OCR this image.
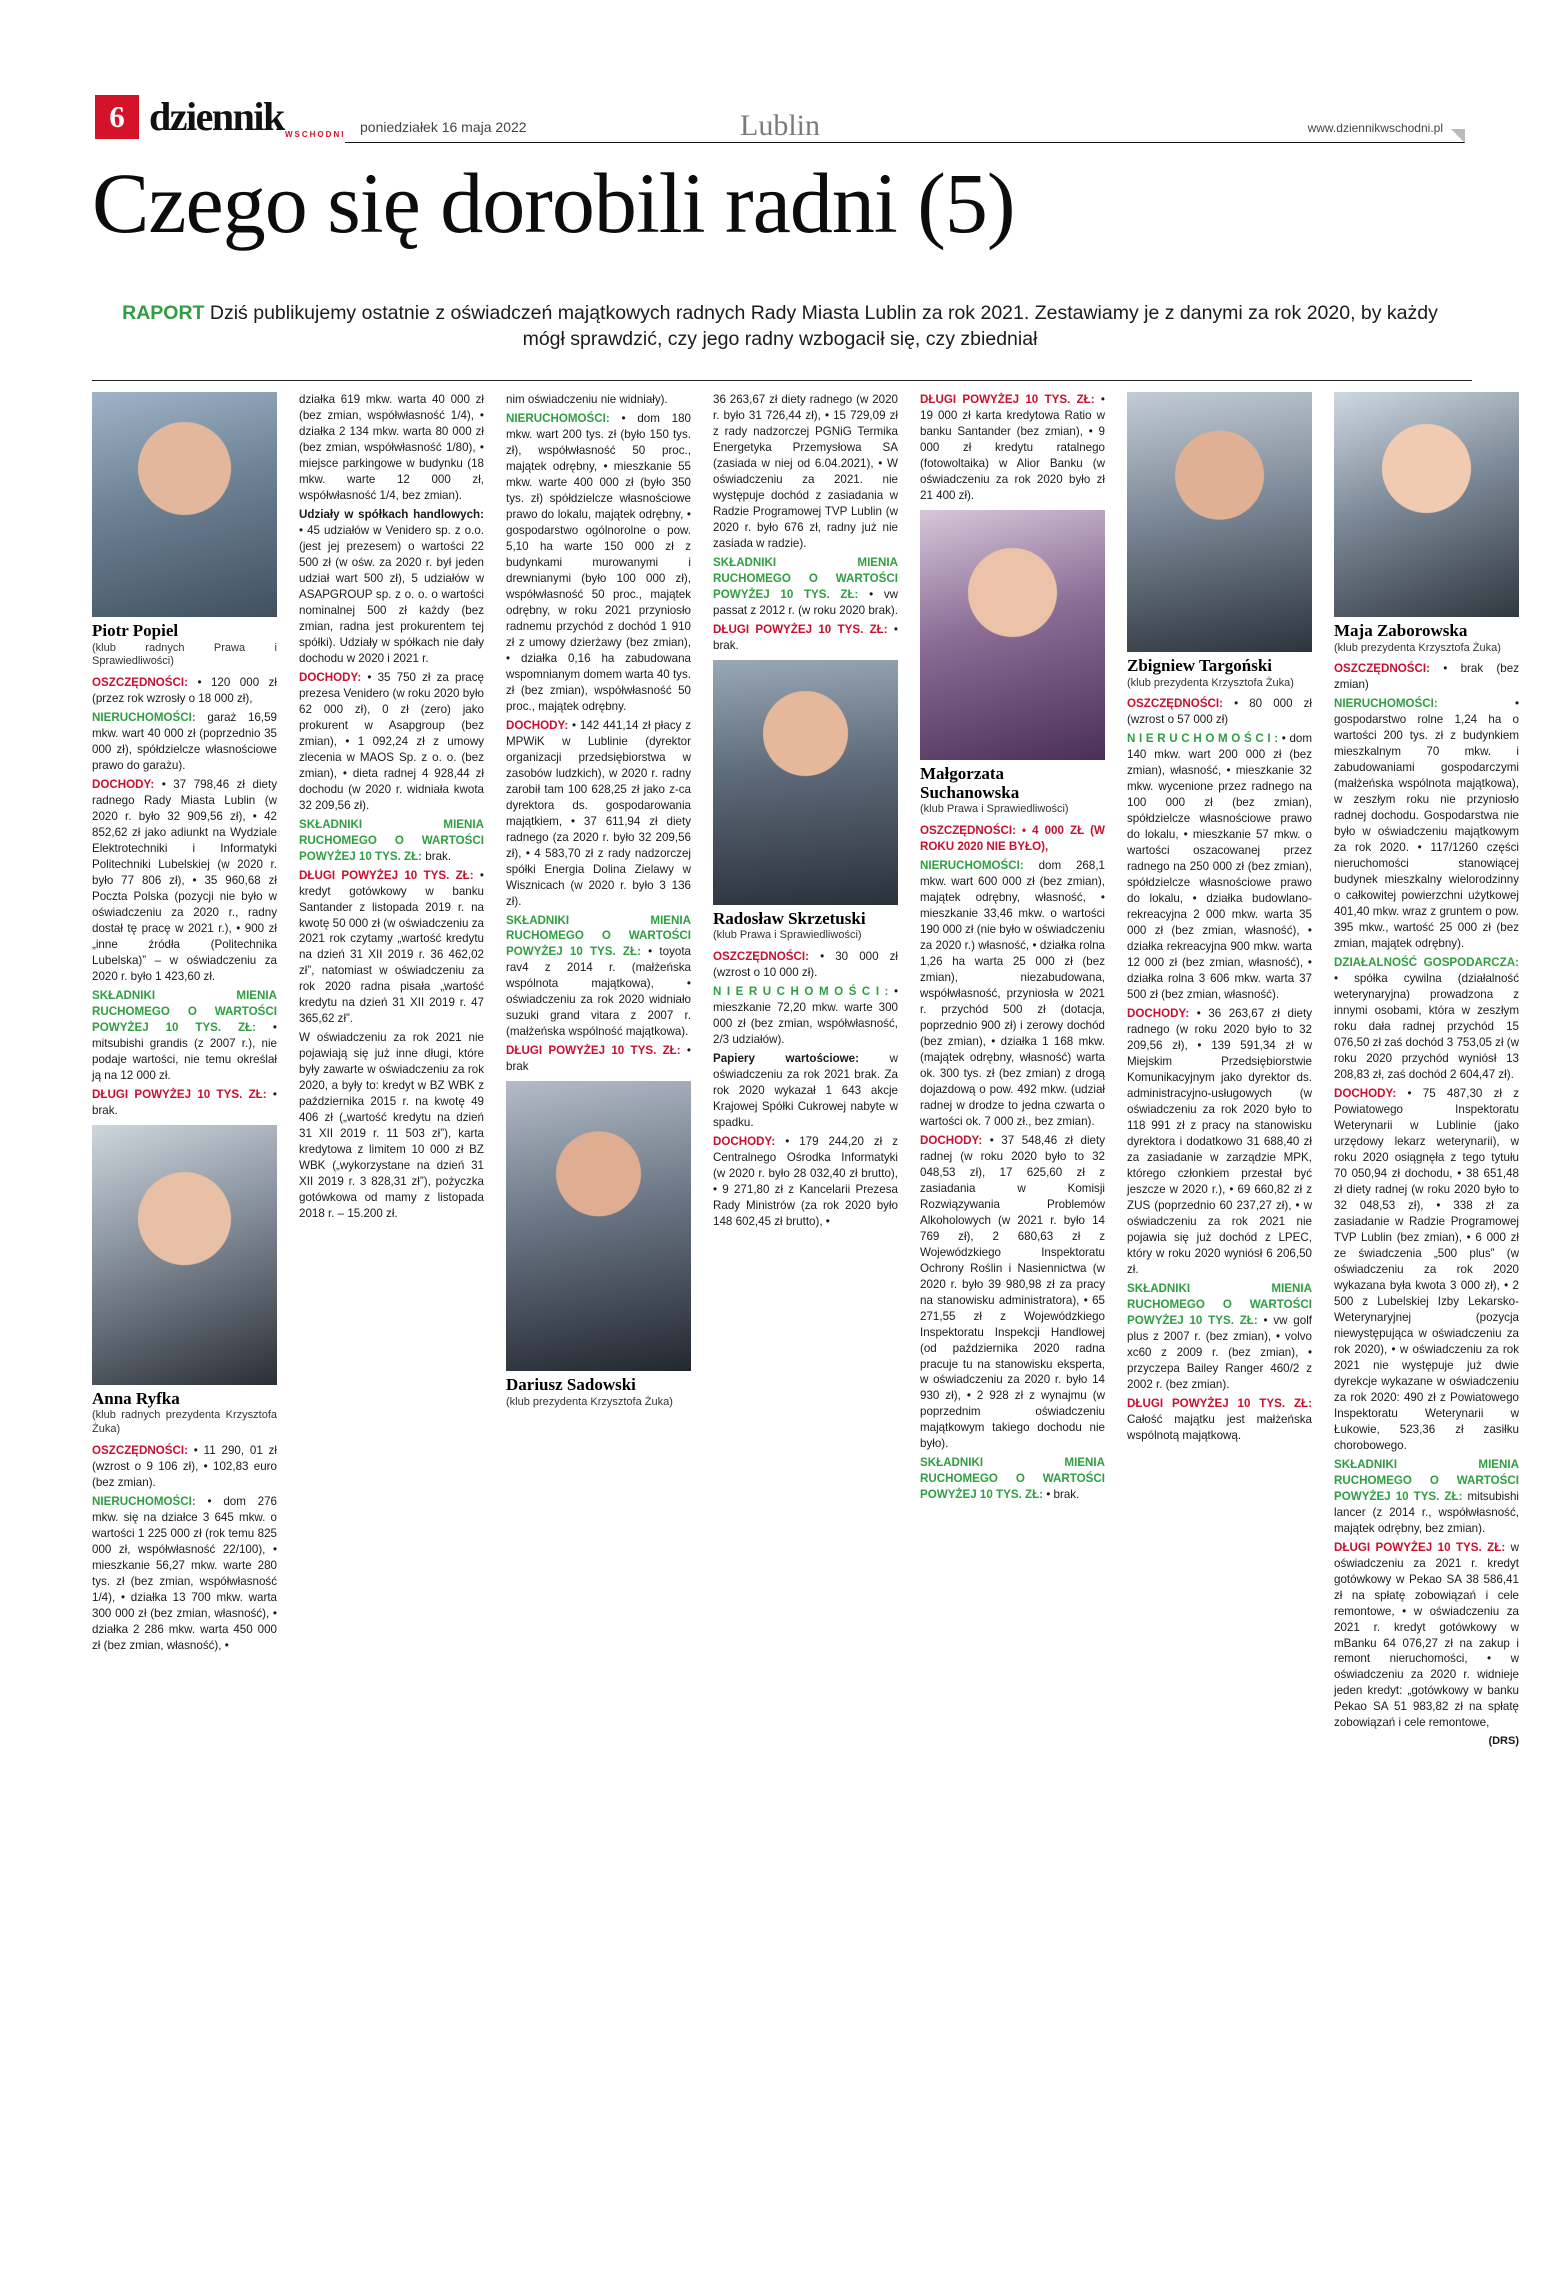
6 dziennik WSCHODNI poniedziałek 16 maja 2022	Lublin	www.dziennikwschodni.pl
Czego się dorobili radni (5)
RAPORT Dziś publikujemy ostatnie z oświadczeń majątkowych radnych Rady Miasta Lublin za rok 2021. Zestawiamy je z danymi za rok 2020, by każdy mógł sprawdzić, czy jego radny wzbogacił się, czy zbiedniał
Piotr Popiel
(klub radnych Prawa i Sprawiedliwości)

OSZCZĘDNOŚCI: • 120 000 zł (przez rok wzrosły o 18 000 zł),

NIERUCHOMOŚCI: garaż 16,59 mkw. wart 40 000 zł (poprzednio 35 000 zł), spółdzielcze własnościowe prawo do garażu).

DOCHODY: • 37 798,46 zł diety radnego Rady Miasta Lublin (w 2020 r. było 32 909,56 zł), • 42 852,62 zł jako adiunkt na Wydziale Elektrotechniki i Informatyki Politechniki Lubelskiej (w 2020 r. było 77 806 zł), • 35 960,68 zł Poczta Polska (pozycji nie było w oświadczeniu za 2020 r., radny dostał tę pracę w 2021 r.), • 900 zł „inne źródła (Politechnika Lubelska)” – w oświadczeniu za 2020 r. było 1 423,60 zł.

SKŁADNIKI MIENIA RUCHOMEGO O WARTOŚCI POWYŻEJ 10 TYS. ZŁ: • mitsubishi grandis (z 2007 r.), nie podaje wartości, nie temu określał ją na 12 000 zł.

DŁUGI POWYŻEJ 10 TYS. ZŁ: • brak.

Anna Ryfka
(klub radnych prezydenta Krzysztofa Żuka)

OSZCZĘDNOŚCI: • 11 290, 01 zł (wzrost o 9 106 zł), • 102,83 euro (bez zmian).

NIERUCHOMOŚCI: • dom 276 mkw. się na działce 3 645 mkw. o wartości 1 225 000 zł (rok temu 825 000 zł, współwłasność 22/100), • mieszkanie 56,27 mkw. warte 280 tys. zł (bez zmian, współwłasność 1/4), • działka 13 700 mkw. warta 300 000 zł (bez zmian, własność), • działka 2 286 mkw. warta 450 000 zł (bez zmian, własność), •

działka 619 mkw. warta 40 000 zł (bez zmian, współwłasność 1/4), • działka 2 134 mkw. warta 80 000 zł (bez zmian, współwłasność 1/80), • miejsce parkingowe w budynku (18 mkw. warte 12 000 zł, współwłasność 1/4, bez zmian).

Udziały w spółkach handlowych: • 45 udziałów w Venidero sp. z o.o. (jest jej prezesem) o wartości 22 500 zł (w ośw. za 2020 r. był jeden udział wart 500 zł), 5 udziałów w ASAPGROUP sp. z o. o. o wartości nominalnej 500 zł każdy (bez zmian, radna jest prokurentem tej spółki). Udziały w spółkach nie dały dochodu w 2020 i 2021 r.

DOCHODY: • 35 750 zł za pracę prezesa Venidero (w roku 2020 było 62 000 zł), 0 zł (zero) jako prokurent w Asapgroup (bez zmian), • 1 092,24 zł z umowy zlecenia w MAOS Sp. z o. o. (bez zmian), • dieta radnej 4 928,44 zł dochodu (w 2020 r. widniała kwota 32 209,56 zł).

SKŁADNIKI MIENIA RUCHOMEGO O WARTOŚCI POWYŻEJ 10 TYS. ZŁ: brak.

DŁUGI POWYŻEJ 10 TYS. ZŁ: • kredyt gotówkowy w banku Santander z listopada 2019 r. na kwotę 50 000 zł (w oświadczeniu za 2021 rok czytamy „wartość kredytu na dzień 31 XII 2019 r. 36 462,02 zł”, natomiast w oświadczeniu za rok 2020 radna pisała „wartość kredytu na dzień 31 XII 2019 r. 47 365,62 zł”.

W oświadczeniu za rok 2021 nie pojawiają się już inne długi, które były zawarte w oświadczeniu za rok 2020, a były to: kredyt w BZ WBK z października 2015 r. na kwotę 49 406 zł („wartość kredytu na dzień 31 XII 2019 r. 11 503 zł”), karta kredytowa z limitem 10 000 zł BZ WBK („wykorzystane na dzień 31 XII 2019 r. 3 828,31 zł”), pożyczka gotówkowa od mamy z listopada 2018 r. – 15.200 zł.

nim oświadczeniu nie widniały).

NIERUCHOMOŚCI: • dom 180 mkw. wart 200 tys. zł (było 150 tys. zł), współwłasność 50 proc., majątek odrębny, • mieszkanie 55 mkw. warte 400 000 zł (było 350 tys. zł) spółdzielcze własnościowe prawo do lokalu, majątek odrębny, • gospodarstwo ogólnorolne o pow. 5,10 ha warte 150 000 zł z budynkami murowanymi i drewnianymi (było 100 000 zł), współwłasność 50 proc., majątek odrębny, w roku 2021 przyniosło radnemu przychód z dochód 1 910 zł z umowy dzierżawy (bez zmian), • działka 0,16 ha zabudowana wspomnianym domem warta 40 tys. zł (bez zmian), współwłasność 50 proc., majątek odrębny.

DOCHODY: • 142 441,14 zł płacy z MPWiK w Lublinie (dyrektor organizacji przedsiębiorstwa w zasobów ludzkich), w 2020 r. radny zarobił tam 100 628,25 zł jako z-ca dyrektora ds. gospodarowania majątkiem, • 37 611,94 zł diety radnego (za 2020 r. było 32 209,56 zł), • 4 583,70 zł z rady nadzorczej spółki Energia Dolina Zielawy w Wisznicach (w 2020 r. było 3 136 zł).

SKŁADNIKI MIENIA RUCHOMEGO O WARTOŚCI POWYŻEJ 10 TYS. ZŁ: • toyota rav4 z 2014 r. (małżeńska wspólnota majątkowa), • oświadczeniu za rok 2020 widniało suzuki grand vitara z 2007 r. (małżeńska wspólność majątkowa).

DŁUGI POWYŻEJ 10 TYS. ZŁ: • brak

Dariusz Sadowski
(klub prezydenta Krzysztofa Żuka)

36 263,67 zł diety radnego (w 2020 r. było 31 726,44 zł), • 15 729,09 zł z rady nadzorczej PGNiG Termika Energetyka Przemysłowa SA (zasiada w niej od 6.04.2021), • W oświadczeniu za 2021. nie występuje dochód z zasiadania w Radzie Programowej TVP Lublin (w 2020 r. było 676 zł, radny już nie zasiada w radzie).

SKŁADNIKI MIENIA RUCHOMEGO O WARTOŚCI POWYŻEJ 10 TYS. ZŁ: • vw passat z 2012 r. (w roku 2020 brak).

DŁUGI POWYŻEJ 10 TYS. ZŁ: • brak.

Radosław Skrzetuski
(klub Prawa i Sprawiedliwości)

OSZCZĘDNOŚCI: • 30 000 zł (wzrost o 10 000 zł).

N I E R U C H O M O Ś C I : • mieszkanie 72,20 mkw. warte 300 000 zł (bez zmian, współwłasność, 2/3 udziałów).

Papiery wartościowe: w oświadczeniu za rok 2021 brak. Za rok 2020 wykazał 1 643 akcje Krajowej Spółki Cukrowej nabyte w spadku.

DOCHODY: • 179 244,20 zł z Centralnego Ośrodka Informatyki (w 2020 r. było 28 032,40 zł brutto), • 9 271,80 zł z Kancelarii Prezesa Rady Ministrów (za rok 2020 było 148 602,45 zł brutto), •

DŁUGI POWYŻEJ 10 TYS. ZŁ: • 19 000 zł karta kredytowa Ratio w banku Santander (bez zmian), • 9 000 zł kredytu ratalnego (fotowoltaika) w Alior Banku (w oświadczeniu za rok 2020 było zł 21 400 zł).

Małgorzata Suchanowska
(klub Prawa i Sprawiedliwości)

OSZCZĘDNOŚCI: • 4 000 ZŁ (W ROKU 2020 NIE BYŁO),

NIERUCHOMOŚCI: dom 268,1 mkw. wart 600 000 zł (bez zmian), majątek odrębny, własność, • mieszkanie 33,46 mkw. o wartości 190 000 zł (nie było w oświadczeniu za 2020 r.) własność, • działka rolna 1,26 ha warta 25 000 zł (bez zmian), niezabudowana, współwłasność, przyniosła w 2021 r. przychód 500 zł (dotacja, poprzednio 900 zł) i zerowy dochód (bez zmian), • działka 1 168 mkw. (majątek odrębny, własność) warta ok. 300 tys. zł (bez zmian) z drogą dojazdową o pow. 492 mkw. (udział radnej w drodze to jedna czwarta o wartości ok. 7 000 zł., bez zmian).

DOCHODY: • 37 548,46 zł diety radnej (w roku 2020 było to 32 048,53 zł), 17 625,60 zł z zasiadania w Komisji Rozwiązywania Problemów Alkoholowych (w 2021 r. było 14 769 zł), 2 680,63 zł z Wojewódzkiego Inspektoratu Ochrony Roślin i Nasiennictwa (w 2020 r. było 39 980,98 zł za pracy na stanowisku administratora), • 65 271,55 zł z Wojewódzkiego Inspektoratu Inspekcji Handlowej (od października 2020 radna pracuje tu na stanowisku eksperta, w oświadczeniu za 2020 r. było 14 930 zł), • 2 928 zł z wynajmu (w poprzednim oświadczeniu majątkowym takiego dochodu nie było).

SKŁADNIKI MIENIA RUCHOMEGO O WARTOŚCI POWYŻEJ 10 TYS. ZŁ: • brak.

Zbigniew Targoński
(klub prezydenta Krzysztofa Żuka)

OSZCZĘDNOŚCI: • 80 000 zł (wzrost o 57 000 zł)

N I E R U C H O M O Ś C I : • dom 140 mkw. wart 200 000 zł (bez zmian), własność, • mieszkanie 32 mkw. wycenione przez radnego na 100 000 zł (bez zmian), spółdzielcze własnościowe prawo do lokalu, • mieszkanie 57 mkw. o wartości oszacowanej przez radnego na 250 000 zł (bez zmian), spółdzielcze własnościowe prawo do lokalu, • działka budowlano-rekreacyjna 2 000 mkw. warta 35 000 zł (bez zmian, własność), • działka rekreacyjna 900 mkw. warta 12 000 zł (bez zmian, własność), • działka rolna 3 606 mkw. warta 37 500 zł (bez zmian, własność).

DOCHODY: • 36 263,67 zł diety radnego (w roku 2020 było to 32 209,56 zł), • 139 591,34 zł w Miejskim Przedsiębiorstwie Komunikacyjnym jako dyrektor ds. administracyjno-usługowych (w oświadczeniu za rok 2020 było to 118 991 zł z pracy na stanowisku dyrektora i dodatkowo 31 688,40 zł za zasiadanie w zarządzie MPK, którego członkiem przestał być jeszcze w 2020 r.), • 69 660,82 zł z ZUS (poprzednio 60 237,27 zł), • w oświadczeniu za rok 2021 nie pojawia się już dochód z LPEC, który w roku 2020 wyniósł 6 206,50 zł.

SKŁADNIKI MIENIA RUCHOMEGO O WARTOŚCI POWYŻEJ 10 TYS. ZŁ: • vw golf plus z 2007 r. (bez zmian), • volvo xc60 z 2009 r. (bez zmian), • przyczepa Bailey Ranger 460/2 z 2002 r. (bez zmian).

DŁUGI POWYŻEJ 10 TYS. ZŁ: Całość majątku jest małżeńska wspólnotą majątkową.

Maja Zaborowska
(klub prezydenta Krzysztofa Żuka)

OSZCZĘDNOŚCI: • brak (bez zmian)

NIERUCHOMOŚCI: • gospodarstwo rolne 1,24 ha o wartości 200 tys. zł z budynkiem mieszkalnym 70 mkw. i zabudowaniami gospodarczymi (małżeńska wspólnota majątkowa), w zeszłym roku nie przyniosło radnej dochodu. Gospodarstwa nie było w oświadczeniu majątkowym za rok 2020. • 117/1260 części nieruchomości stanowiącej budynek mieszkalny wielorodzinny o całkowitej powierzchni użytkowej 401,40 mkw. wraz z gruntem o pow. 395 mkw., wartość 25 000 zł (bez zmian, majątek odrębny).

DZIAŁALNOŚĆ GOSPODARCZA: • spółka cywilna (działalność weterynaryjna) prowadzona z innymi osobami, która w zeszłym roku dała radnej przychód 15 076,50 zł zaś dochód 3 753,05 zł (w roku 2020 przychód wyniósł 13 208,83 zł, zaś dochód 2 604,47 zł).

DOCHODY: • 75 487,30 zł z Powiatowego Inspektoratu Weterynarii w Lublinie (jako urzędowy lekarz weterynarii), w roku 2020 osiągnęła z tego tytułu 70 050,94 zł dochodu, • 38 651,48 zł diety radnej (w roku 2020 było to 32 048,53 zł), • 338 zł za zasiadanie w Radzie Programowej TVP Lublin (bez zmian), • 6 000 zł ze świadczenia „500 plus” (w oświadczeniu za rok 2020 wykazana była kwota 3 000 zł), • 2 500 z Lubelskiej Izby Lekarsko-Weterynaryjnej (pozycja niewystępująca w oświadczeniu za rok 2020), • w oświadczeniu za rok 2021 nie występuje już dwie dyrekcje wykazane w oświadczeniu za rok 2020: 490 zł z Powiatowego Inspektoratu Weterynarii w Łukowie, 523,36 zł zasiłku chorobowego.

SKŁADNIKI MIENIA RUCHOMEGO O WARTOŚCI POWYŻEJ 10 TYS. ZŁ: mitsubishi lancer (z 2014 r., współwłasność, majątek odrębny, bez zmian).

DŁUGI POWYŻEJ 10 TYS. ZŁ: w oświadczeniu za 2021 r. kredyt gotówkowy w Pekao SA 38 586,41 zł na spłatę zobowiązań i cele remontowe, • w oświadczeniu za 2021 r. kredyt gotówkowy w mBanku 64 076,27 zł na zakup i remont nieruchomości, • w oświadczeniu za 2020 r. widnieje jeden kredyt: „gotówkowy w banku Pekao SA 51 983,82 zł na spłatę zobowiązań i cele remontowe,

(DRS)
